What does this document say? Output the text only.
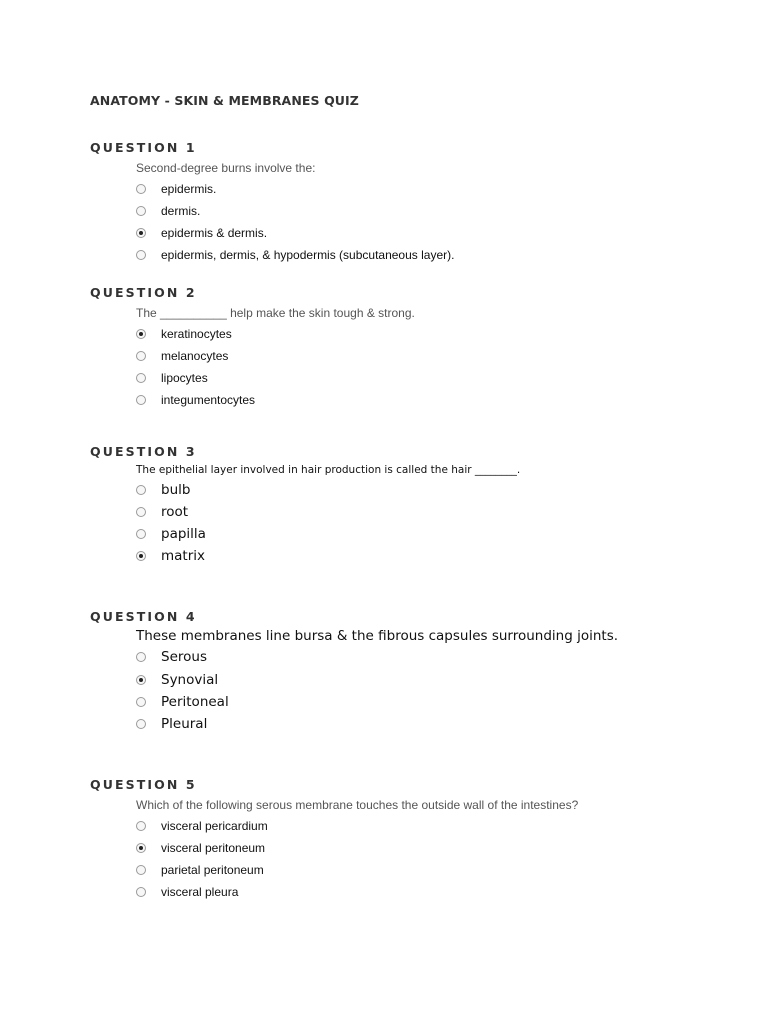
ANATOMY - SKIN & MEMBRANES QUIZ
QUESTION 1
Second-degree burns involve the:
epidermis.
dermis.
epidermis & dermis.
epidermis, dermis, & hypodermis (subcutaneous layer).
QUESTION 2
The __________ help make the skin tough & strong.
keratinocytes
melanocytes
lipocytes
integumentocytes
QUESTION 3
The epithelial layer involved in hair production is called the hair ________.
bulb
root
papilla
matrix
QUESTION 4
These membranes line bursa & the fibrous capsules surrounding joints.
Serous
Synovial
Peritoneal
Pleural
QUESTION 5
Which of the following serous membrane touches the outside wall of the intestines?
visceral pericardium
visceral peritoneum
parietal peritoneum
visceral pleura
